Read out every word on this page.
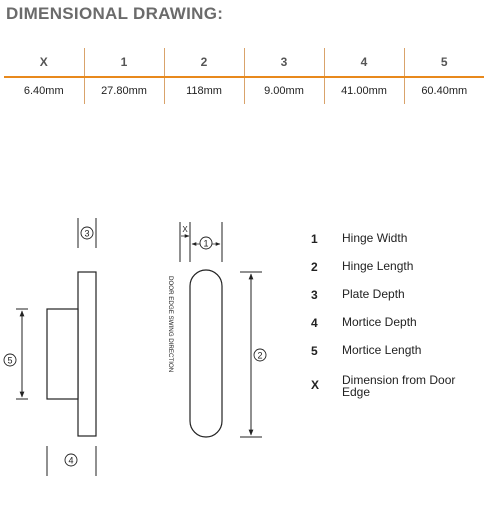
DIMENSIONAL DRAWING:
X	1	2	3	4	5
6.40mm	27.80mm	118mm	9.00mm	41.00mm	60.40mm
3
5
4
1
2
X
DOOR EDGE SWING DIRECTION
1	Hinge Width
2	Hinge Length
3	Plate Depth
4	Mortice Depth
5	Mortice Length
X	Dimension from Door Edge
